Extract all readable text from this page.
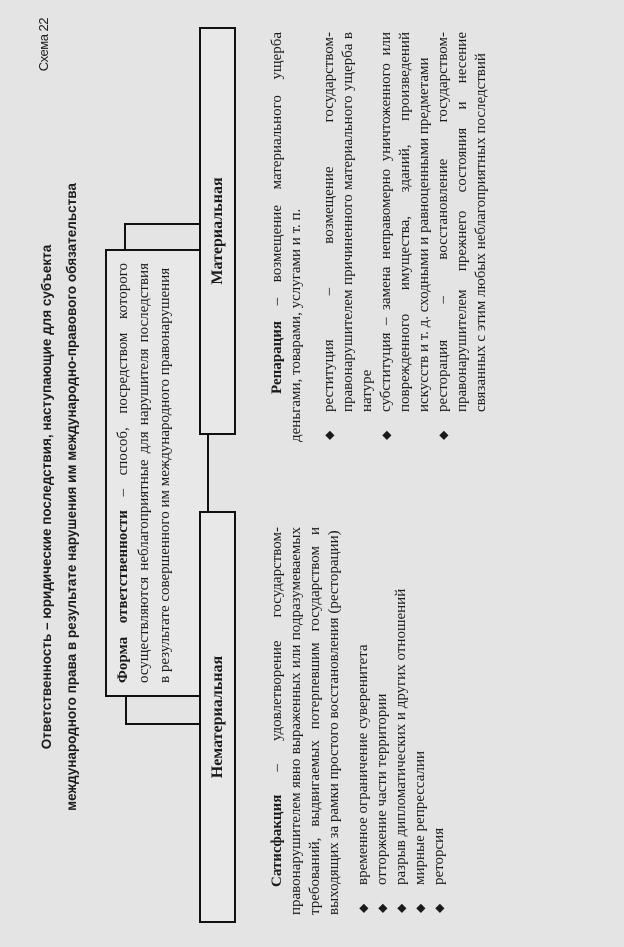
Схема 22
Ответственность – юридические последствия, наступающие для субъекта международного права в результате нарушения им международно-правового обязательства	Форма ответственности – способ, посредством которого осуществляются неблагоприятные для нарушителя последствия в результате совершенного им международного правонарушения
Нематериальная
Материальная
Сатисфакция – удовлетворение государством-правонарушителем явно выраженных или подразумеваемых требований, выдвигаемых потерпевшим государством и выходящих за рамки простого восстановления (ресторации) ◆
временное ограничение суверенитета
◆
отторжение части территории
◆
разрыв дипломатических и других отношений
◆
мирные репрессалии
◆
реторсия
Репарация – возмещение материального ущерба деньгами, товарами, услугами и т. п. ◆
реституция – возмещение государством-правонарушителем причиненного материального ущерба в натуре
◆
субституция – замена неправомерно уничтоженного или поврежденного имущества, зданий, произведений искусств и т. д. сходными и равноценными предметами
◆
ресторация – восстановление государством-правонарушителем прежнего состояния и несение связанных с этим любых неблагоприятных последствий
